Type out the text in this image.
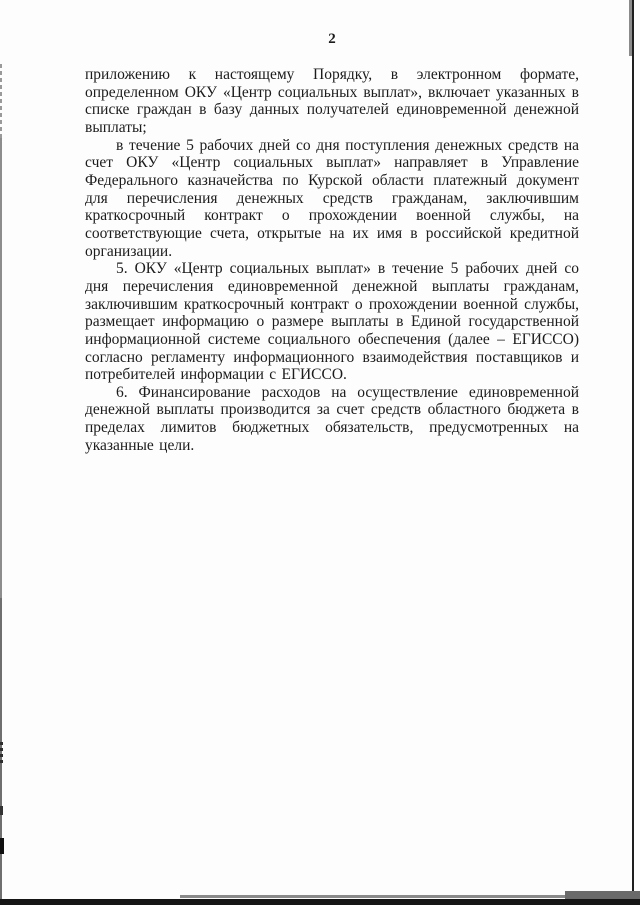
2

приложению к настоящему Порядку, в электронном формате, определенном ОКУ «Центр социальных выплат», включает указанных в списке граждан в базу данных получателей единовременной денежной выплаты;

в течение 5 рабочих дней со дня поступления денежных средств на счет ОКУ «Центр социальных выплат» направляет в Управление Федерального казначейства по Курской области платежный документ для перечисления денежных средств гражданам, заключившим краткосрочный контракт о прохождении военной службы, на соответствующие счета, открытые на их имя в российской кредитной организации.

5. ОКУ «Центр социальных выплат» в течение 5 рабочих дней со дня перечисления единовременной денежной выплаты гражданам, заключившим краткосрочный контракт о прохождении военной службы, размещает информацию о размере выплаты в Единой государственной информационной системе социального обеспечения (далее – ЕГИССО) согласно регламенту информационного взаимодействия поставщиков и потребителей информации с ЕГИССО.

6. Финансирование расходов на осуществление единовременной денежной выплаты производится за счет средств областного бюджета в пределах лимитов бюджетных обязательств, предусмотренных на указанные цели.
